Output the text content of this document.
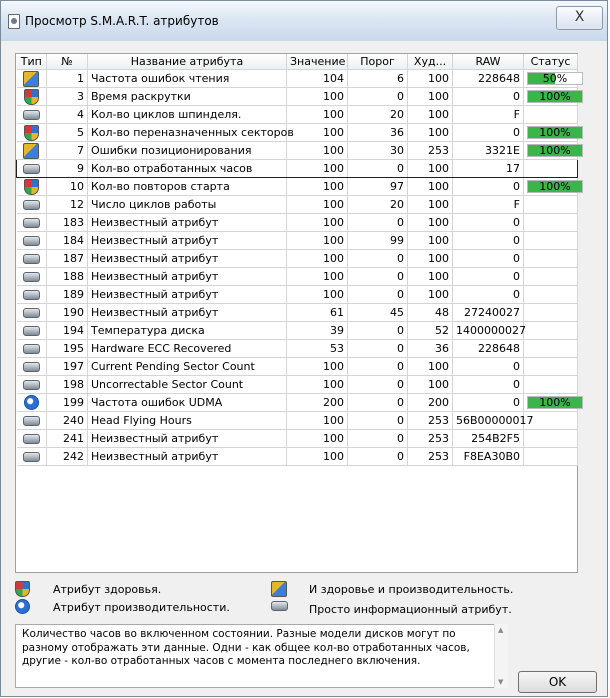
Просмотр S.M.A.R.T. атрибутов	X
Тип	№	Название атрибута	Значение	Порог	Худ...	RAW	Статус
	1	Частота ошибок чтения	104	6	100	228648	50%

	3	Время раскрутки	100	0	100	0	100%

	4	Кол-во циклов шпинделя.	100	20	100	F	
	5	Кол-во переназначенных секторов	100	36	100	0	100%

	7	Ошибки позиционирования	100	30	253	3321E	100%

	9	Кол-во отработанных часов	100	0	100	17	
	10	Кол-во повторов старта	100	97	100	0	100%

	12	Число циклов работы	100	20	100	F	
	183	Неизвестный атрибут	100	0	100	0	
	184	Неизвестный атрибут	100	99	100	0	
	187	Неизвестный атрибут	100	0	100	0	
	188	Неизвестный атрибут	100	0	100	0	
	189	Неизвестный атрибут	100	0	100	0	
	190	Неизвестный атрибут	61	45	48	27240027	
	194	Температура диска	39	0	52	1400000027	
	195	Hardware ECC Recovered	53	0	36	228648	
	197	Current Pending Sector Count	100	0	100	0	
	198	Uncorrectable Sector Count	100	0	100	0	
	199	Частота ошибок UDMA	200	0	200	0	100%

	240	Head Flying Hours	100	0	253	56B00000017	
	241	Неизвестный атрибут	100	0	253	254B2F5	
	242	Неизвестный атрибут	100	0	253	F8EA30B0	
Атрибут здоровья.	И здоровье и производительность.
Атрибут производительности.	Просто информационный атрибут.
Количество часов во включенном состоянии. Разные модели дисков могут по разному отображать эти данные. Одни - как общее кол-во отработанных часов, другие - кол-во отработанных часов с момента последнего включения.
▲
▼	OK
